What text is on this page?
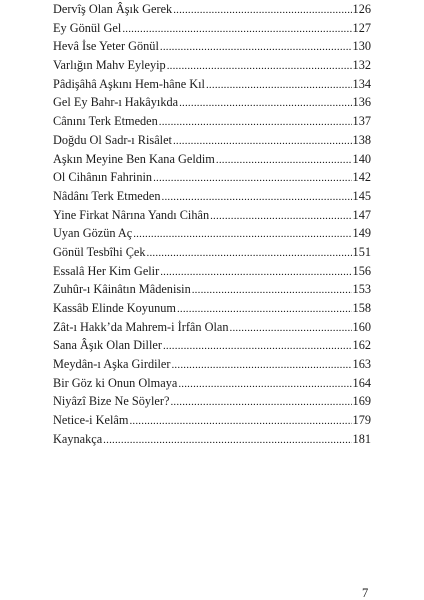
Dervîş Olan Âşık Gerek .....	126
Ey Gönül Gel .....	127
Hevâ İse Yeter Gönül .....	130
Varlığın Mahv Eyleyip .....	132
Pâdişâhâ Aşkını Hem-hâne Kıl .....	134
Gel Ey Bahr-ı Hakâyıkda .....	136
Cânını Terk Etmeden .....	137
Doğdu Ol Sadr-ı Risâlet .....	138
Aşkın Meyine Ben Kana Geldim .....	140
Ol Cihânın Fahrinin .....	142
Nâdânı Terk Etmeden .....	145
Yine Firkat Nârına Yandı Cihân .....	147
Uyan Gözün Aç .....	149
Gönül Tesbîhi Çek .....	151
Essalâ Her Kim Gelir .....	156
Zuhûr-ı Kâinâtın Mâdenisin .....	153
Kassâb Elinde Koyunum .....	158
Zât-ı Hakk’da Mahrem-i İrfân Olan .....	160
Sana Âşık Olan Diller .....	162
Meydân-ı Aşka Girdiler .....	163
Bir Göz ki Onun Olmaya .....	164
Niyâzî Bize Ne Söyler? .....	169
Netice-i Kelâm .....	179
Kaynakça .....	181
7
